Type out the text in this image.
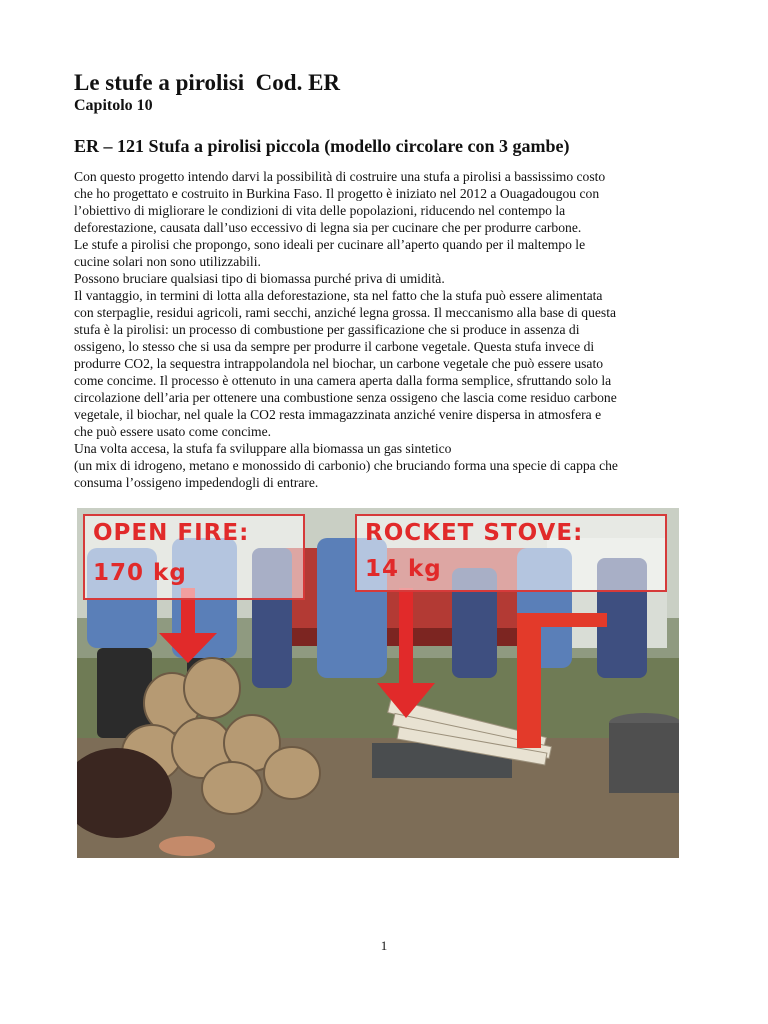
Le stufe a pirolisi  Cod. ER
Capitolo 10
ER – 121 Stufa a pirolisi piccola (modello circolare con 3 gambe)
Con questo progetto intendo darvi la possibilità di costruire una stufa a pirolisi a bassissimo costo
che ho progettato e costruito in Burkina Faso. Il progetto è iniziato nel 2012 a Ouagadougou con
l’obiettivo di migliorare le condizioni di vita delle popolazioni, riducendo nel contempo la
deforestazione, causata dall’uso eccessivo di legna sia per cucinare che per produrre carbone.
Le stufe a pirolisi che propongo, sono ideali per cucinare all’aperto quando per il maltempo le
cucine solari non sono utilizzabili.
Possono bruciare qualsiasi tipo di biomassa purché priva di umidità.
Il vantaggio, in termini di lotta alla deforestazione, sta nel fatto che la stufa può essere alimentata
con sterpaglie, residui agricoli, rami secchi, anziché legna grossa. Il meccanismo alla base di questa
stufa è la pirolisi: un processo di combustione per gassificazione che si produce in assenza di
ossigeno, lo stesso che si usa da sempre per produrre il carbone vegetale. Questa stufa invece di
produrre CO2, la sequestra intrappolandola nel biochar, un carbone vegetale che può essere usato
come concime. Il processo è ottenuto in una camera aperta dalla forma semplice, sfruttando solo la
circolazione dell’aria per ottenere una combustione senza ossigeno che lascia come residuo carbone
vegetale, il biochar, nel quale la CO2 resta immagazzinata anziché venire dispersa in atmosfera e
che può essere usato come concime.
Una volta accesa, la stufa fa sviluppare alla biomassa un gas sintetico
(un mix di idrogeno, metano e monossido di carbonio) che bruciando forma una specie di cappa che
consuma l’ossigeno impedendogli di entrare.
OPEN FIRE:
170 kg
ROCKET STOVE:
14 kg
1
